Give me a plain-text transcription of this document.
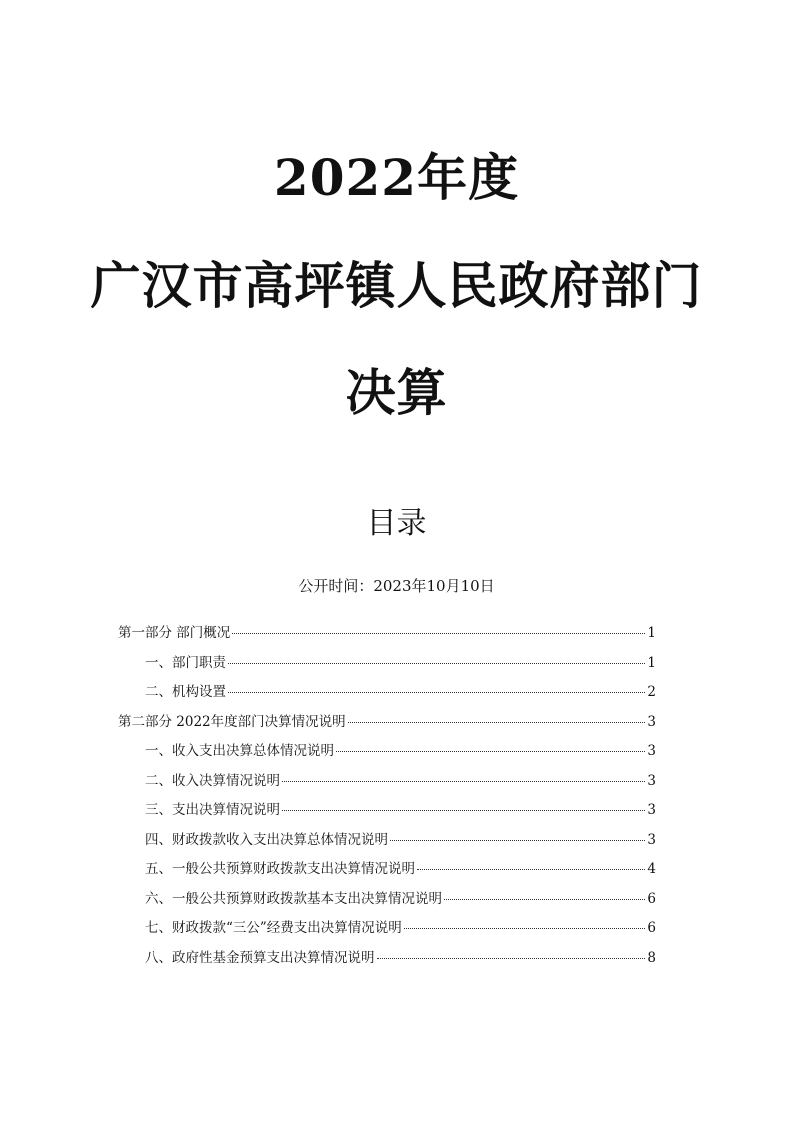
2022年度
广汉市高坪镇人民政府部门
决算
目录
公开时间：2023年10月10日
第一部分 部门概况	1
一、部门职责	1
二、机构设置	2
第二部分 2022年度部门决算情况说明	3
一、收入支出决算总体情况说明	3
二、收入决算情况说明	3
三、支出决算情况说明	3
四、财政拨款收入支出决算总体情况说明	3
五、一般公共预算财政拨款支出决算情况说明	4
六、一般公共预算财政拨款基本支出决算情况说明	6
七、财政拨款“三公”经费支出决算情况说明	6
八、政府性基金预算支出决算情况说明	8
